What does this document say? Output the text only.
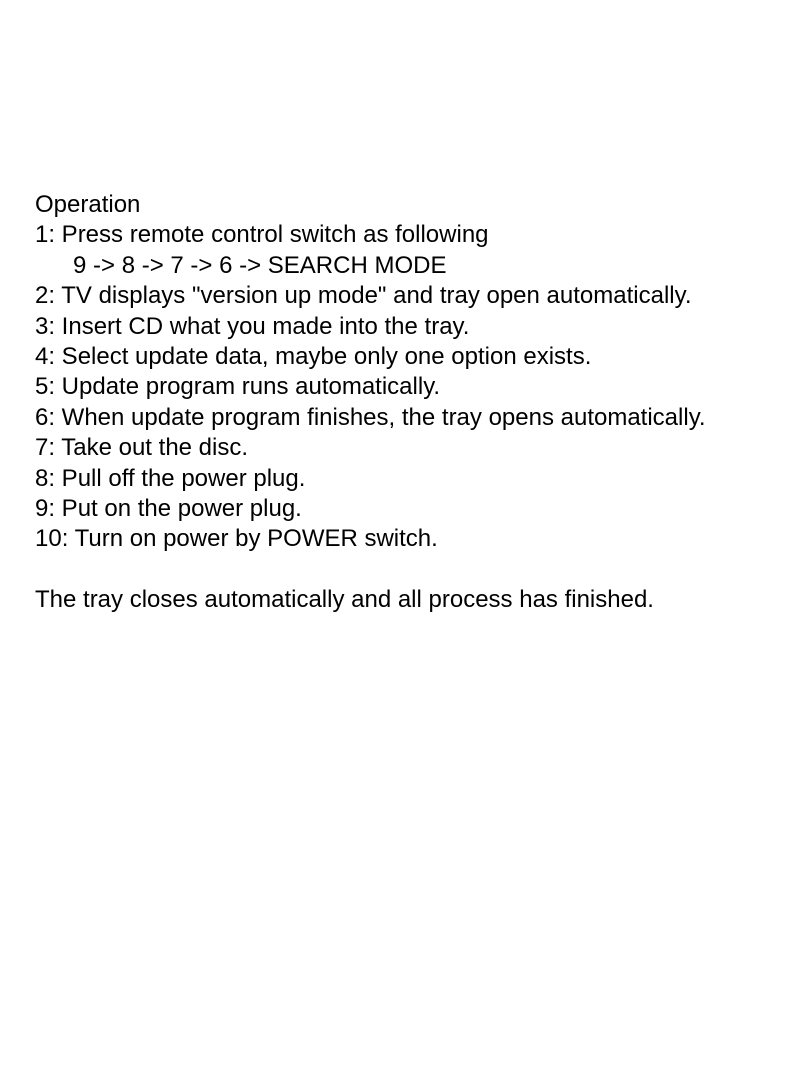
Operation
1: Press remote control switch as following
9 -> 8 -> 7 -> 6 -> SEARCH MODE
2: TV displays "version up mode" and tray open automatically.
3: Insert CD what you made into the tray.
4: Select update data, maybe only one option exists.
5: Update program runs automatically.
6: When update program finishes, the tray opens automatically.
7: Take out the disc.
8: Pull off the power plug.
9: Put on the power plug.
10: Turn on power by POWER switch.
The tray closes automatically and all process has finished.
